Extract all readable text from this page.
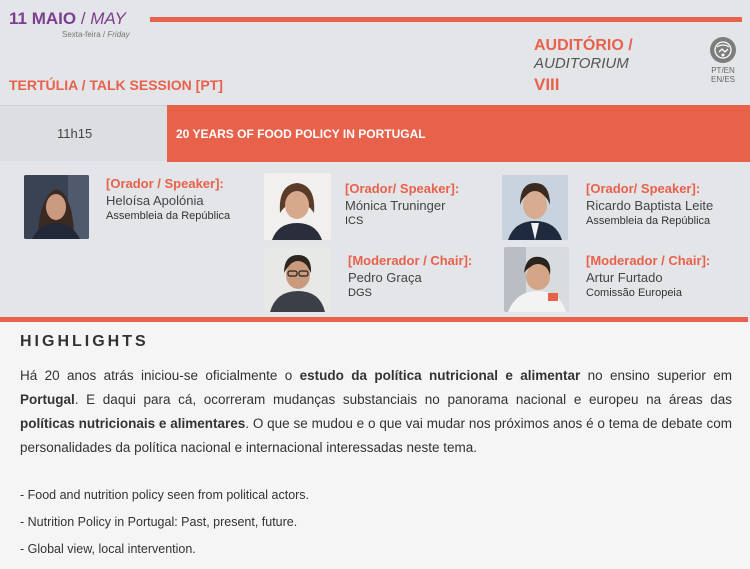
11 MAIO / MAY
Sexta-feira / Friday
AUDITÓRIO /
AUDITORIUM
VIII
PT/EN
EN/ES
TERTÚLIA / TALK SESSION [PT]
11h15	20 YEARS OF FOOD POLICY IN PORTUGAL
[Orador / Speaker]:
Heloísa Apolónia
Assembleia da República
[Orador/ Speaker]:
Mónica Truninger
ICS
[Orador/ Speaker]:
Ricardo Baptista Leite
Assembleia da República
[Moderador / Chair]:
Pedro Graça
DGS
[Moderador / Chair]:
Artur Furtado
Comissão Europeia
HIGHLIGHTS
Há 20 anos atrás iniciou-se oficialmente o estudo da política nutricional e alimentar no ensino superior em Portugal. E daqui para cá, ocorreram mudanças substanciais no panorama nacional e europeu na áreas das políticas nutricionais e alimentares. O que se mudou e o que vai mudar nos próximos anos é o tema de debate com personalidades da política nacional e internacional interessadas neste tema.
- Food and nutrition policy seen from political actors.
- Nutrition Policy in Portugal: Past, present, future.
- Global view, local intervention.
